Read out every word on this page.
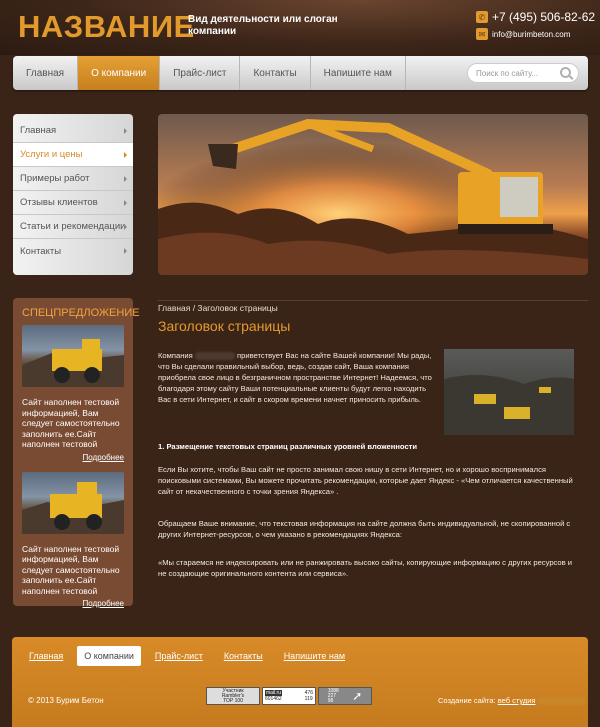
НАЗВАНИЕ
Вид деятельности или слоган компании
✆ +7 (495) 506-82-62
✉ info@burimbeton.com
Главная	О компании	Прайс-лист	Контакты	Напишите нам	Поиск по сайту...
Главная
Услуги и цены
Примеры работ
Отзывы клиентов
Статьи и рекомендации
Контакты
СПЕЦПРЕДЛОЖЕНИЕ
Сайт наполнен тестовой информацией, Вам следует самостоятельно заполнить ее.Сайт наполнен тестовой
Подробнее
Сайт наполнен тестовой информацией, Вам следует самостоятельно заполнить ее.Сайт наполнен тестовой
Подробнее
Главная / Заголовок страницы
Заголовок страницы
Компания	приветствует Вас на сайте Вашей компании! Мы рады, что Вы сделали правильный выбор, ведь, создав сайт, Ваша компания приобрела свое лицо в безграничном пространстве Интернет! Надеемся, что благодаря этому сайту Ваши потенциальные клиенты будут легко находить Вас в сети Интернет, и сайт в скором времени начнет приносить прибыль.
1. Размещение текстовых страниц различных уровней вложенности
Если Вы хотите, чтобы Ваш сайт не просто занимал свою нишу в сети Интернет, но и хорошо воспринимался поисковыми системами, Вы можете прочитать рекомендации, которые дает Яндекс - «Чем отличается качественный сайт от некачественного с точки зрения Яндекса» .
Обращаем Ваше внимание, что текстовая информация на сайте должна быть индивидуальной, не скопированной с других Интернет-ресурсов, о чем указано в рекомендациях Яндекса:
«Мы стараемся не индексировать или не ранжировать высоко сайты, копирующие информацию с других ресурсов и не создающие оригинального контента или сервиса».
Главная	О компании	Прайс-лист	Контакты	Напишите нам
© 2013 Бурим Бетон
Участник
Rambler's
TOP 100
mail.ru
601462
476
119
1088
227
98	➚	Создание сайта: веб студия
